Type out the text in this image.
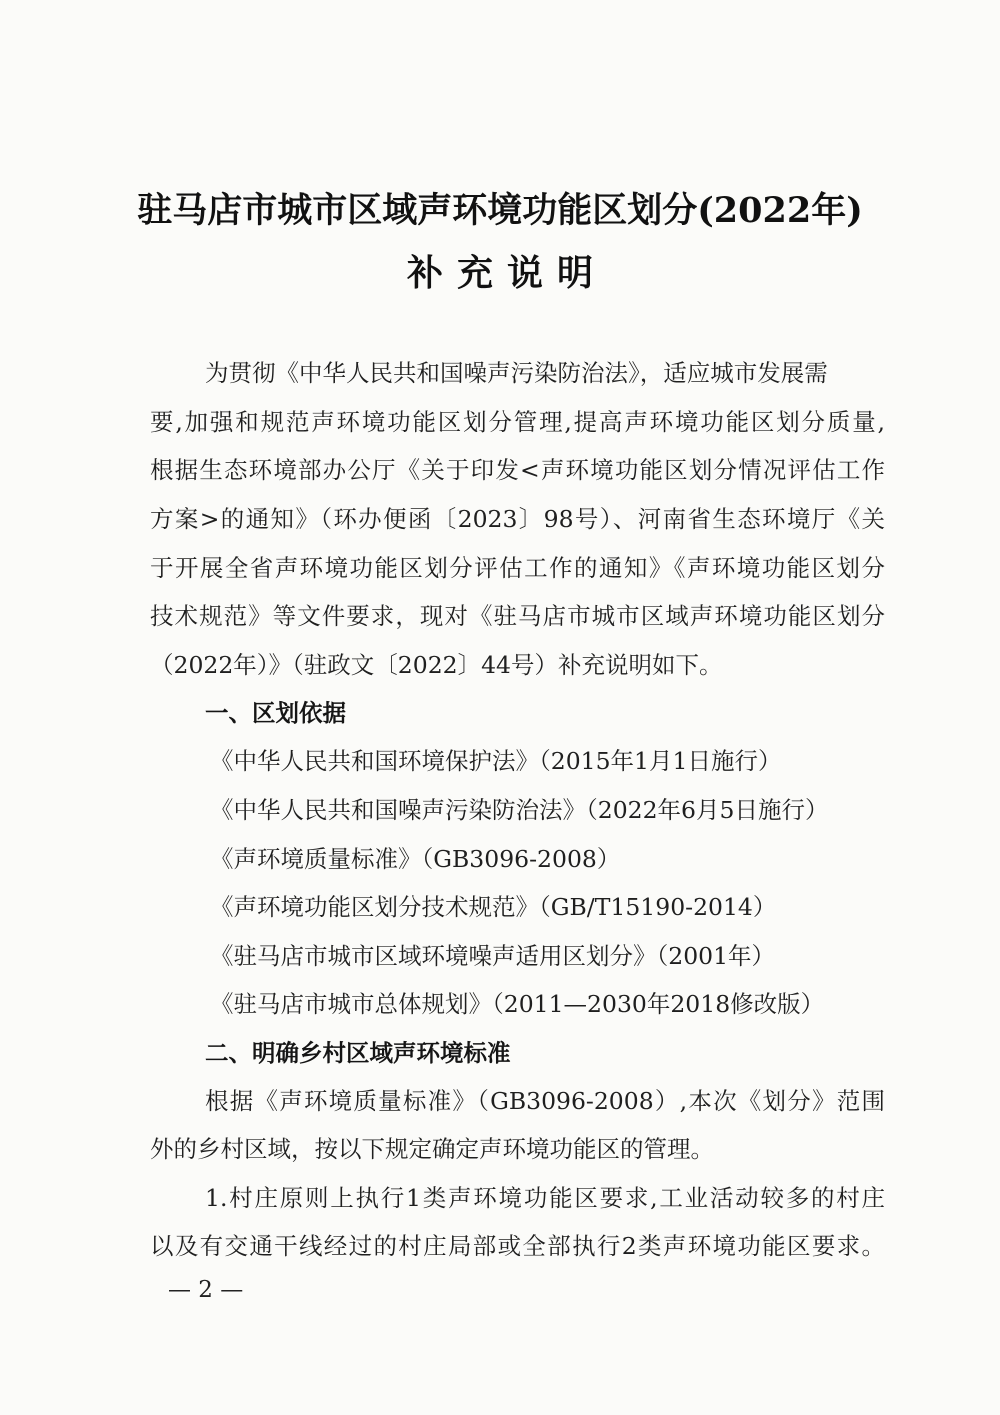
驻马店市城市区域声环境功能区划分(2022年)
补充说明
为贯彻《中华人民共和国噪声污染防治法》，适应城市发展需
要,加强和规范声环境功能区划分管理,提高声环境功能区划分质量,
根据生态环境部办公厅《关于印发<声环境功能区划分情况评估工作
方案>的通知》（环办便函〔2023〕98号）、河南省生态环境厅《关
于开展全省声环境功能区划分评估工作的通知》《声环境功能区划分
技术规范》等文件要求，现对《驻马店市城市区域声环境功能区划分
（2022年）》（驻政文〔2022〕44号）补充说明如下。
一、区划依据
《中华人民共和国环境保护法》（2015年1月1日施行）
《中华人民共和国噪声污染防治法》（2022年6月5日施行）
《声环境质量标准》（GB3096-2008）
《声环境功能区划分技术规范》（GB/T15190-2014）
《驻马店市城市区域环境噪声适用区划分》（2001年）
《驻马店市城市总体规划》（2011—2030年2018修改版）
二、明确乡村区域声环境标准
根据《声环境质量标准》（GB3096-2008）,本次《划分》范围
外的乡村区域，按以下规定确定声环境功能区的管理。
1.村庄原则上执行1类声环境功能区要求,工业活动较多的村庄
以及有交通干线经过的村庄局部或全部执行2类声环境功能区要求。
— 2 —
